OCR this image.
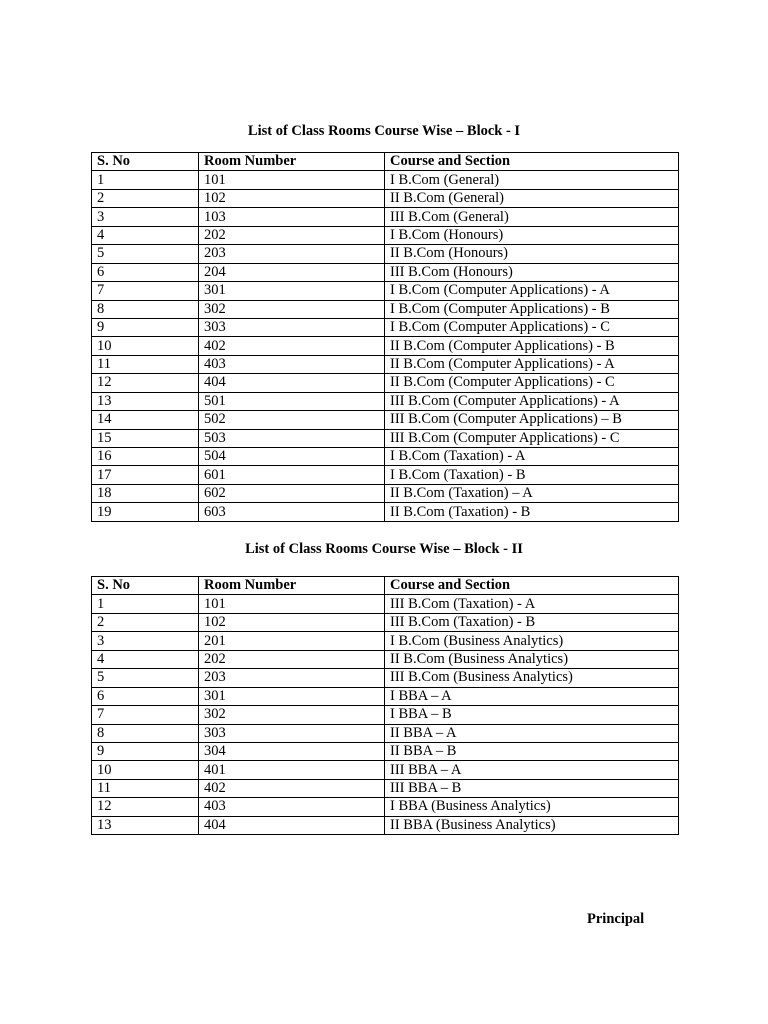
List of Class Rooms Course Wise – Block - I
S. No	Room Number	Course and Section
1	101	I B.Com (General)
2	102	II B.Com (General)
3	103	III B.Com (General)
4	202	I B.Com (Honours)
5	203	II B.Com (Honours)
6	204	III B.Com (Honours)
7	301	I B.Com (Computer Applications) - A
8	302	I B.Com (Computer Applications) - B
9	303	I B.Com (Computer Applications) - C
10	402	II B.Com (Computer Applications) - B
11	403	II B.Com (Computer Applications) - A
12	404	II B.Com (Computer Applications) - C
13	501	III B.Com (Computer Applications) - A
14	502	III B.Com (Computer Applications) – B
15	503	III B.Com (Computer Applications) - C
16	504	I B.Com (Taxation) - A
17	601	I B.Com (Taxation) - B
18	602	II B.Com (Taxation) – A
19	603	II B.Com (Taxation) - B
List of Class Rooms Course Wise – Block - II
S. No	Room Number	Course and Section
1	101	III B.Com (Taxation) - A
2	102	III B.Com (Taxation) - B
3	201	I B.Com (Business Analytics)
4	202	II B.Com (Business Analytics)
5	203	III B.Com (Business Analytics)
6	301	I BBA – A
7	302	I BBA – B
8	303	II BBA – A
9	304	II BBA – B
10	401	III BBA – A
11	402	III BBA – B
12	403	I BBA (Business Analytics)
13	404	II BBA (Business Analytics)
Principal
